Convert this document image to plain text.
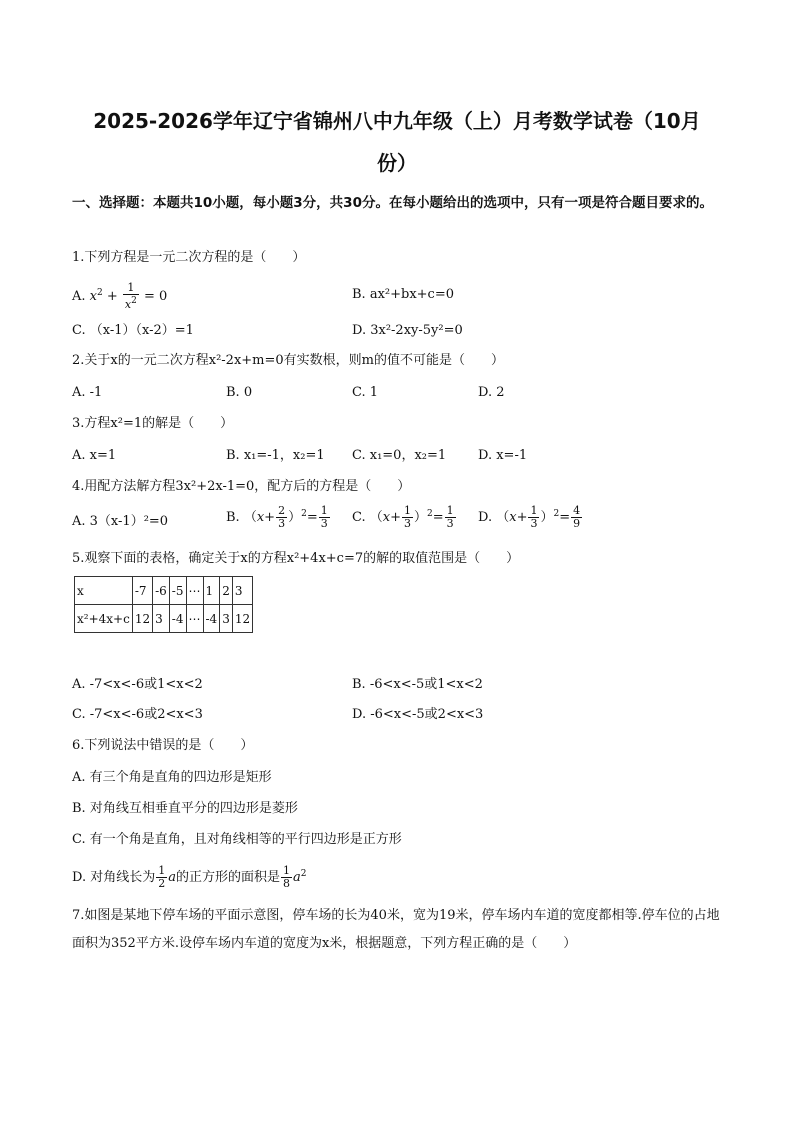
2025-2026学年辽宁省锦州八中九年级（上）月考数学试卷（10月
份）
一、选择题：本题共10小题，每小题3分，共30分。在每小题给出的选项中，只有一项是符合题目要求的。
1.下列方程是一元二次方程的是（　　）
A. $x^2 + \frac{1}{x^2} = 0$	B. ax²+bx+c=0
C. （x-1）（x-2）=1	D. 3x²-2xy-5y²=0
2.关于x的一元二次方程x²-2x+m=0有实数根，则m的值不可能是（　　）
A. -1	B. 0	C. 1	D. 2
3.方程x²=1的解是（　　）
A. x=1	B. x₁=-1，x₂=1 C. x₁=0，x₂=1 D. x=-1
4.用配方法解方程3x²+2x-1=0，配方后的方程是（　　）
A. 3（x-1）²=0	B. $(x+ \frac{2}{3} )^2= \frac{1}{3} C$. $(x+ \frac{1}{3} )^2= \frac{1}{3} D$. $(x+ \frac{1}{3} )^2= \frac{4}{9}$
5.观察下面的表格，确定关于x的方程x²+4x+c=7的解的取值范围是（　　）
x	-7	-6	-5	⋯	1	2	3
x²+4x+c	12	3	-4	⋯	-4	3	12
A. -7<x<-6或1<x<2	B. -6<x<-5或1<x<2
C. -7<x<-6或2<x<3	D. -6<x<-5或2<x<3
6.下列说法中错误的是（　　）
A. 有三个角是直角的四边形是矩形
B. 对角线互相垂直平分的四边形是菱形
C. 有一个角是直角，且对角线相等的平行四边形是正方形
D. 对角线长为 $\frac{1}{2}$ a的正方形的面积是 $\frac{1}{8} a^2$
7.如图是某地下停车场的平面示意图，停车场的长为40米，宽为19米，停车场内车道的宽度都相等.停车位的占地面积为352平方米.设停车场内车道的宽度为x米，根据题意，下列方程正确的是（　　）
